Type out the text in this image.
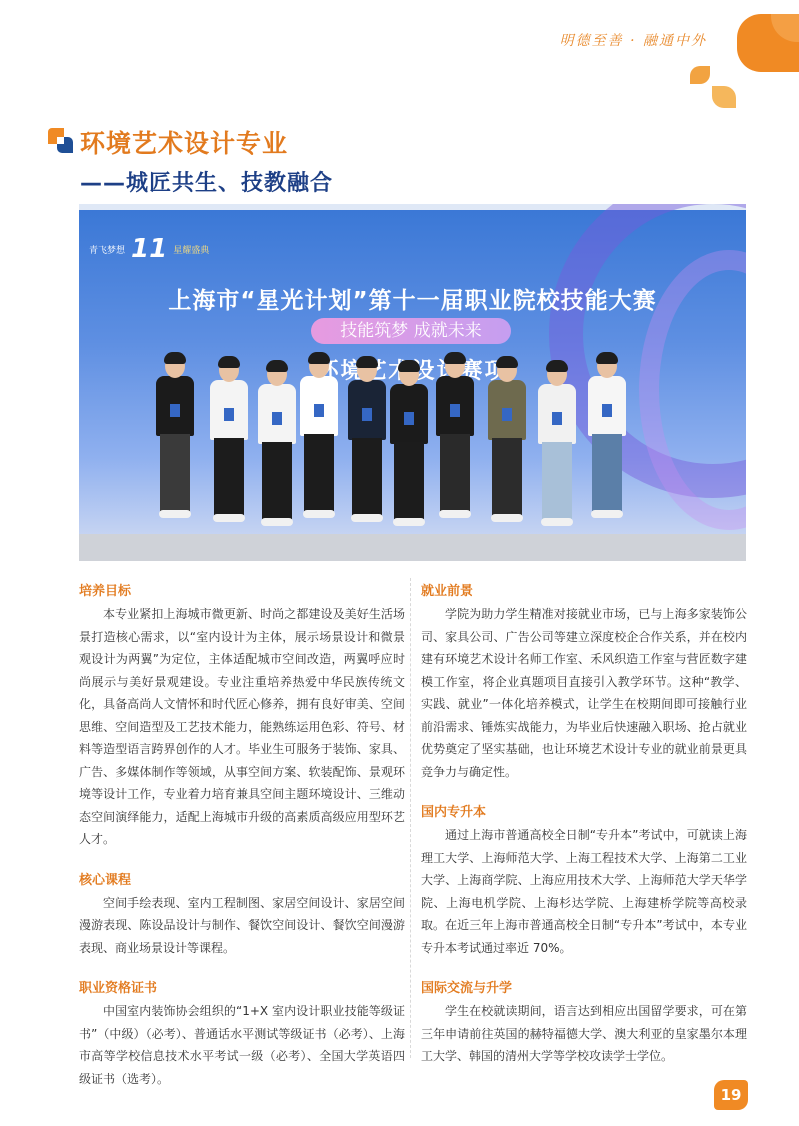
明德至善 · 融通中外
环境艺术设计专业
——城匠共生、技教融合
青飞梦想 11 星耀盛典
上海市“星光计划”第十一届职业院校技能大赛
技能筑梦 成就未来
培养目标

本专业紧扣上海城市微更新、时尚之都建设及美好生活场景打造核心需求，以“室内设计为主体，展示场景设计和微景观设计为两翼”为定位，主体适配城市空间改造，两翼呼应时尚展示与美好景观建设。专业注重培养热爱中华民族传统文化，具备高尚人文情怀和时代匠心修养，拥有良好审美、空间思维、空间造型及工艺技术能力，能熟练运用色彩、符号、材料等造型语言跨界创作的人才。毕业生可服务于装饰、家具、广告、多媒体制作等领域，从事空间方案、软装配饰、景观环境等设计工作，专业着力培育兼具空间主题环境设计、三维动态空间演绎能力，适配上海城市升级的高素质高级应用型环艺人才。

核心课程

空间手绘表现、室内工程制图、家居空间设计、家居空间漫游表现、陈设品设计与制作、餐饮空间设计、餐饮空间漫游表现、商业场景设计等课程。

职业资格证书

中国室内装饰协会组织的“1+X 室内设计职业技能等级证书”（中级）（必考）、普通话水平测试等级证书（必考）、上海市高等学校信息技术水平考试一级（必考）、全国大学英语四级证书（选考）。

就业前景

学院为助力学生精准对接就业市场，已与上海多家装饰公司、家具公司、广告公司等建立深度校企合作关系，并在校内建有环境艺术设计名师工作室、禾风织造工作室与营匠数字建模工作室，将企业真题项目直接引入教学环节。这种“教学、实践、就业”一体化培养模式，让学生在校期间即可接触行业前沿需求、锤炼实战能力，为毕业后快速融入职场、抢占就业优势奠定了坚实基础，也让环境艺术设计专业的就业前景更具竞争力与确定性。

国内专升本

通过上海市普通高校全日制“专升本”考试中，可就读上海理工大学、上海师范大学、上海工程技术大学、上海第二工业大学、上海商学院、上海应用技术大学、上海师范大学天华学院、上海电机学院、上海杉达学院、上海建桥学院等高校录取。在近三年上海市普通高校全日制“专升本”考试中，本专业专升本考试通过率近 70%。

国际交流与升学

学生在校就读期间，语言达到相应出国留学要求，可在第三年申请前往英国的赫特福德大学、澳大利亚的皇家墨尔本理工大学、韩国的清州大学等学校攻读学士学位。

19
